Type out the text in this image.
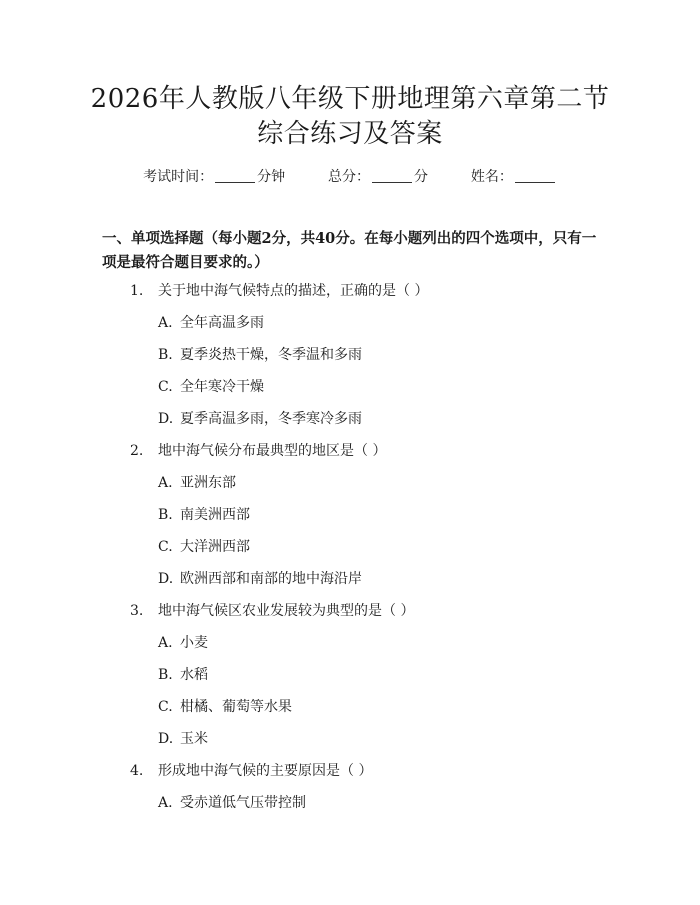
2026年人教版八年级下册地理第六章第二节
综合练习及答案
考试时间：	分钟	总分：	分	姓名：

一、单项选择题（每小题2分，共40分。在每小题列出的四个选项中，只有一项是最符合题目要求的。）

1. 关于地中海气候特点的描述，正确的是（ ）
A. 全年高温多雨
B. 夏季炎热干燥，冬季温和多雨
C. 全年寒冷干燥
D. 夏季高温多雨，冬季寒冷多雨
2. 地中海气候分布最典型的地区是（ ）
A. 亚洲东部
B. 南美洲西部
C. 大洋洲西部
D. 欧洲西部和南部的地中海沿岸
3. 地中海气候区农业发展较为典型的是（ ）
A. 小麦
B. 水稻
C. 柑橘、葡萄等水果
D. 玉米
4. 形成地中海气候的主要原因是（ ）
A. 受赤道低气压带控制
